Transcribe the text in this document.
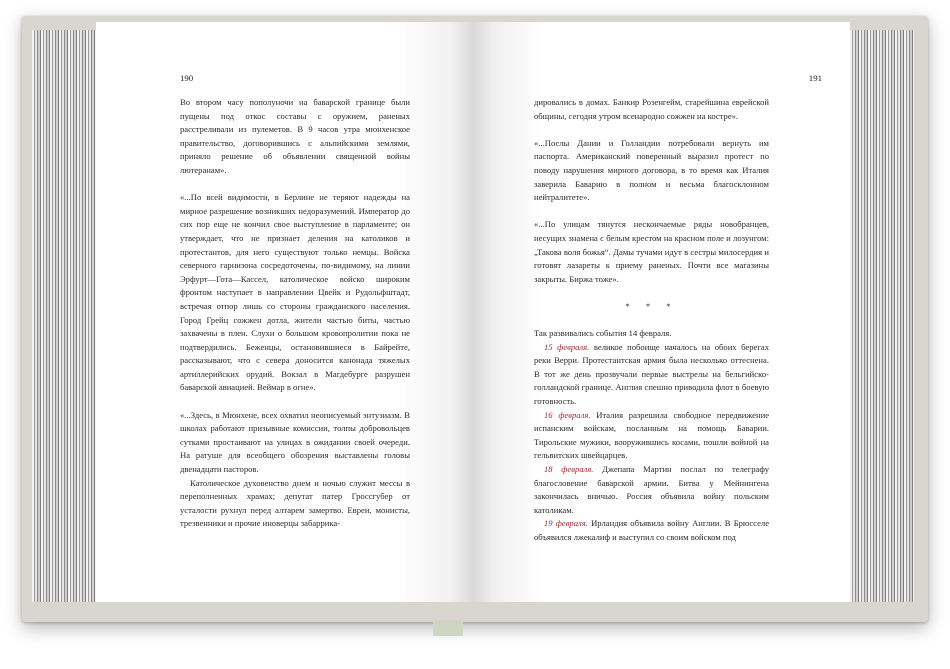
190

Во втором часу пополуночи на баварской границе были пущены под откос составы с оружием, раненых расстреливали из пулеметов. В 9 часов утра мюнхенское правительство, договорившись с альпийскими землями, приняло решение об объявлении священной войны лютеранам».

«...По всей видимости, в Берлине не теряют надежды на мирное разрешение возникших недоразумений. Император до сих пор еще не кончил свое выступление в парламенте; он утверждает, что не признает деления на католиков и протестантов, для него существуют только немцы. Войска северного гарнизона сосредоточены, по-видимому, на линии Эрфурт—Гота—Кассел, католическое войско широким фронтом наступает в направлении Цвейк и Рудольфштадт, встречая отпор лишь со стороны гражданского населения. Город Грейц сожжен дотла, жители частью биты, частью захвачены в плен. Слухи о большом кровопролитии пока не подтвердились. Беженцы, остановившиеся в Байрейте, рассказывают, что с севера доносится канонада тяжелых артиллерийских орудий. Вокзал в Магдебурге разрушен баварской авиацией. Веймар в огне».

«...Здесь, в Мюнхене, всех охватил неописуемый энтузиазм. В школах работают призывные комиссии, толпы добровольцев сутками простаивают на улицах в ожидании своей очереди. На ратуше для всеобщего обозрения выставлены головы двенадцати пасторов.

Католическое духовенство днем и ночью служит мессы в переполненных храмах; депутат патер Гроссгубер от усталости рухнул перед алтарем замертво. Евреи, монисты, трезвенники и прочие иноверцы забаррика-

191

дировались в домах. Банкир Розенгейм, старейшина еврейской общины, сегодня утром всенародно сожжен на костре».

«...Послы Дании и Голландии потребовали вернуть им паспорта. Американский поверенный выразил протест по поводу нарушения мирного договора, в то время как Италия заверила Баварию в полном и весьма благосклонном нейтралитете».

«...По улицам тянутся нескончаемые ряды новобранцев, несущих знамена с белым крестом на красном поле и лозунгом: „Такова воля божья“. Дамы тучами идут в сестры милосердия и готовят лазареты к приему раненых. Почти все магазины закрыты. Биржа тоже».

* * *

Так развивались события 14 февраля.

15 февраля. великое побоище началось на обоих берегах реки Верри. Протестантская армия была несколько оттеснена. В тот же день прозвучали первые выстрелы на бельгийско-голландской границе. Англия спешно приводила флот в боевую готовность.

16 февраля. Италия разрешила свободное передвижение испанским войскам, посланным на помощь Баварии. Тирольские мужики, вооружившись косами, пошли войной на гельвитских швейцарцев.

18 февраля. Джепапа Мартин послал по телеграфу благословение баварской армии. Битва у Мейнингена закончилась вничью. Россия объявила войну польским католикам.

19 февраля. Ирландия объявила войну Англии. В Брюсселе объявился лжекалиф и выступил со своим войском под
